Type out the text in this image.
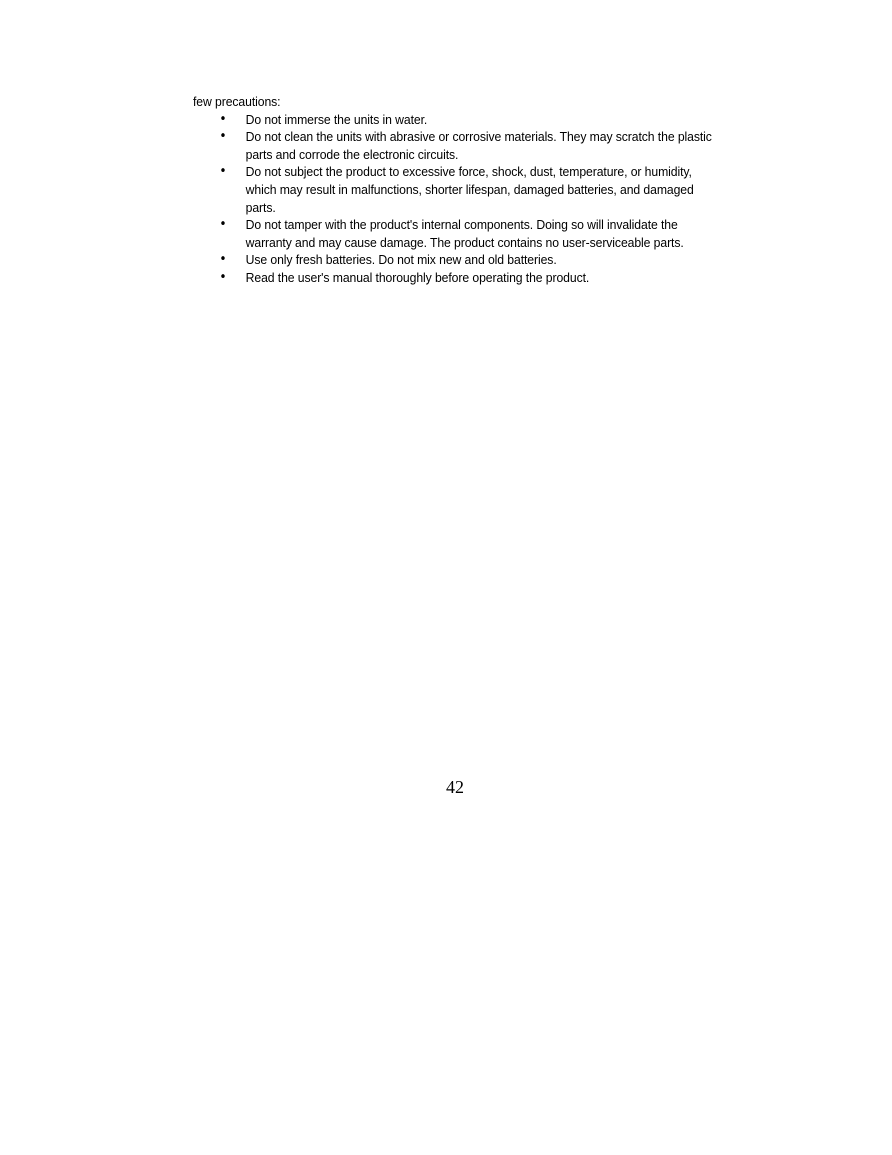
few precautions:

• Do not immerse the units in water.
• Do not clean the units with abrasive or corrosive materials. They may scratch the plastic parts and corrode the electronic circuits.
• Do not subject the product to excessive force, shock, dust, temperature, or humidity, which may result in malfunctions, shorter lifespan, damaged batteries, and damaged parts.
• Do not tamper with the product's internal components. Doing so will invalidate the warranty and may cause damage. The product contains no user-serviceable parts.
• Use only fresh batteries. Do not mix new and old batteries.
• Read the user's manual thoroughly before operating the product.
42
